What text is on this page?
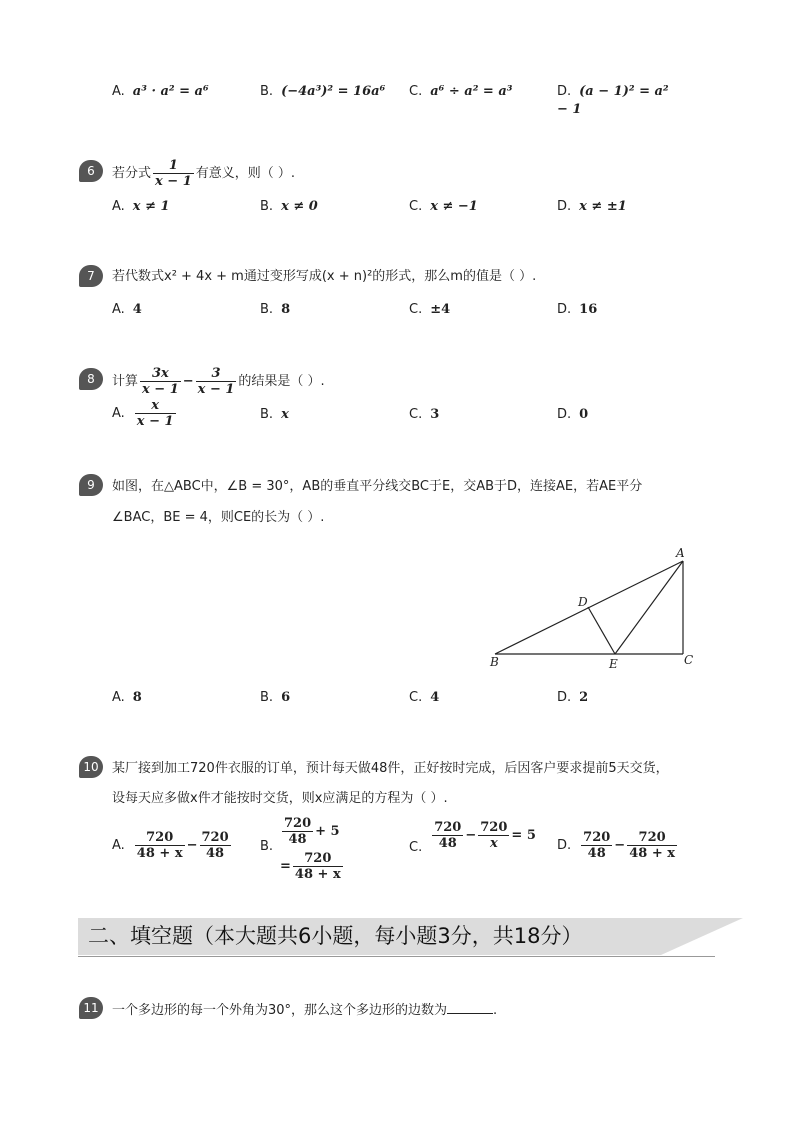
A. a³ · a² = a⁶	B. (−4a³)² = 16a⁶ C. a⁶ ÷ a² = a³	D. (a − 1)² = a² − 1
6	若分式 $\frac{1}{x - 1}$ 有意义，则（ ）.
A. x ≠ 1	B. x ≠ 0	C. x ≠ −1	D. x ≠ ±1
7	若代数式x² + 4x + m通过变形写成(x + n)²的形式，那么m的值是（ ）.
A. 4	B. 8	C. ±4	D. 16
8	计算 $\frac{3x}{x - 1} - \frac{3}{x - 1}$ 的结果是（ ）.
A. $\frac{x}{x - 1}$	B. x	C. 3	D. 0
9	如图，在△ABC中，∠B = 30°，AB的垂直平分线交BC于E，交AB于D，连接AE，若AE平分
∠BAC，BE = 4，则CE的长为（ ）.
A
B	C
D
E
A. 8	B. 6	C. 4	D. 2
10	某厂接到加工720件衣服的订单，预计每天做48件，正好按时完成，后因客户要求提前5天交货，
设每天应多做x件才能按时交货，则x应满足的方程为（ ）.
A. $\frac{720}{48 + x} - \frac{720}{48} B$. $\frac{720}{48} + 5$
= $\frac{720}{48 + x}$
C. $\frac{720}{48} - \frac{720}{x} = 5$
D. $\frac{720}{48} - \frac{720}{48 + x}$
二、填空题（本大题共6小题，每小题3分，共18分）
11	一个多边形的每一个外角为30°，那么这个多边形的边数为	.
